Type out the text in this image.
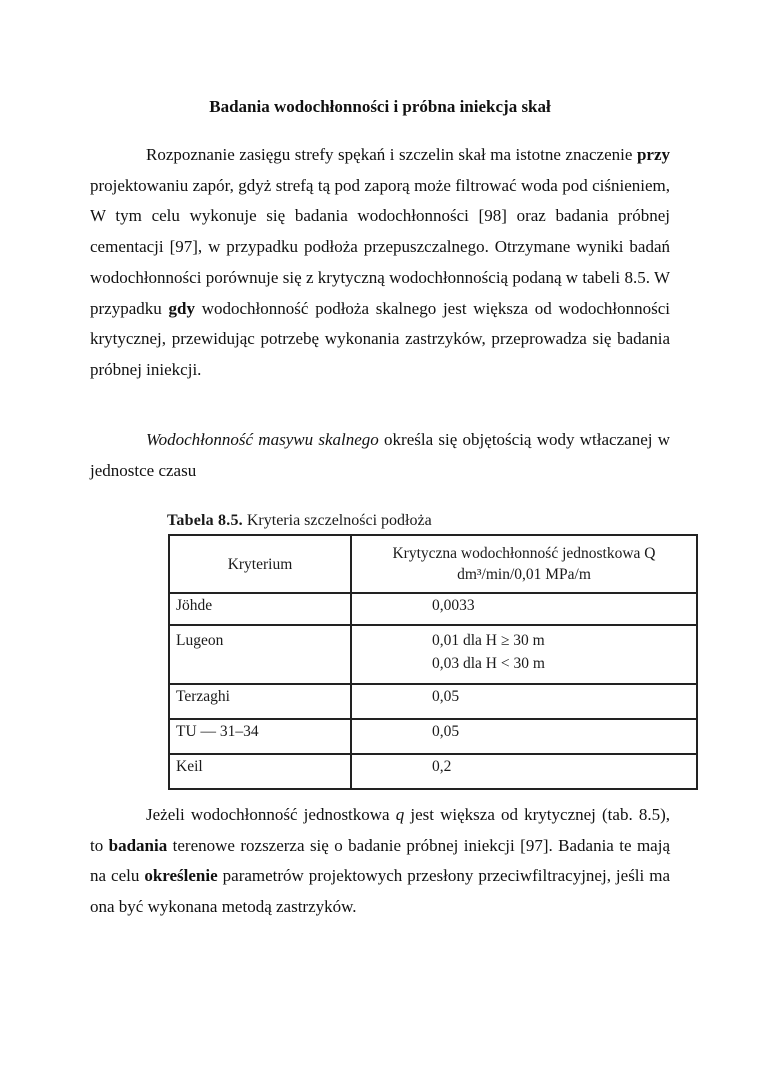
Badania wodochłonności i próbna iniekcja skał

Rozpoznanie zasięgu strefy spękań i szczelin skał ma istotne znaczenie przy projektowaniu zapór, gdyż strefą tą pod zaporą może filtrować woda pod ciśnieniem, W tym celu wykonuje się badania wodochłonności [98] oraz badania próbnej cementacji [97], w przypadku podłoża przepuszczalnego. Otrzymane wyniki badań wodochłonności porównuje się z krytyczną wodochłonnością podaną w tabeli 8.5. W przypadku gdy wodochłonność podłoża skalnego jest większa od wodochłonności krytycznej, przewidując potrzebę wykonania zastrzyków, przeprowadza się badania próbnej iniekcji.

Wodochłonność masywu skalnego określa się objętością wody wtłaczanej w jednostce czasu

Tabela 8.5. Kryteria szczelności podłoża
Kryterium	Krytyczna wodochłonność jednostkowa Q
dm³/min/0,01 MPa/m
Jöhde	0,0033
Lugeon	0,01 dla H ≥ 30 m
0,03 dla H < 30 m
Terzaghi	0,05
TU — 31–34	0,05
Keil	0,2

Jeżeli wodochłonność jednostkowa q jest większa od krytycznej (tab. 8.5), to badania terenowe rozszerza się o badanie próbnej iniekcji [97]. Badania te mają na celu określenie parametrów projektowych przesłony przeciwfiltracyjnej, jeśli ma ona być wykonana metodą zastrzyków.
